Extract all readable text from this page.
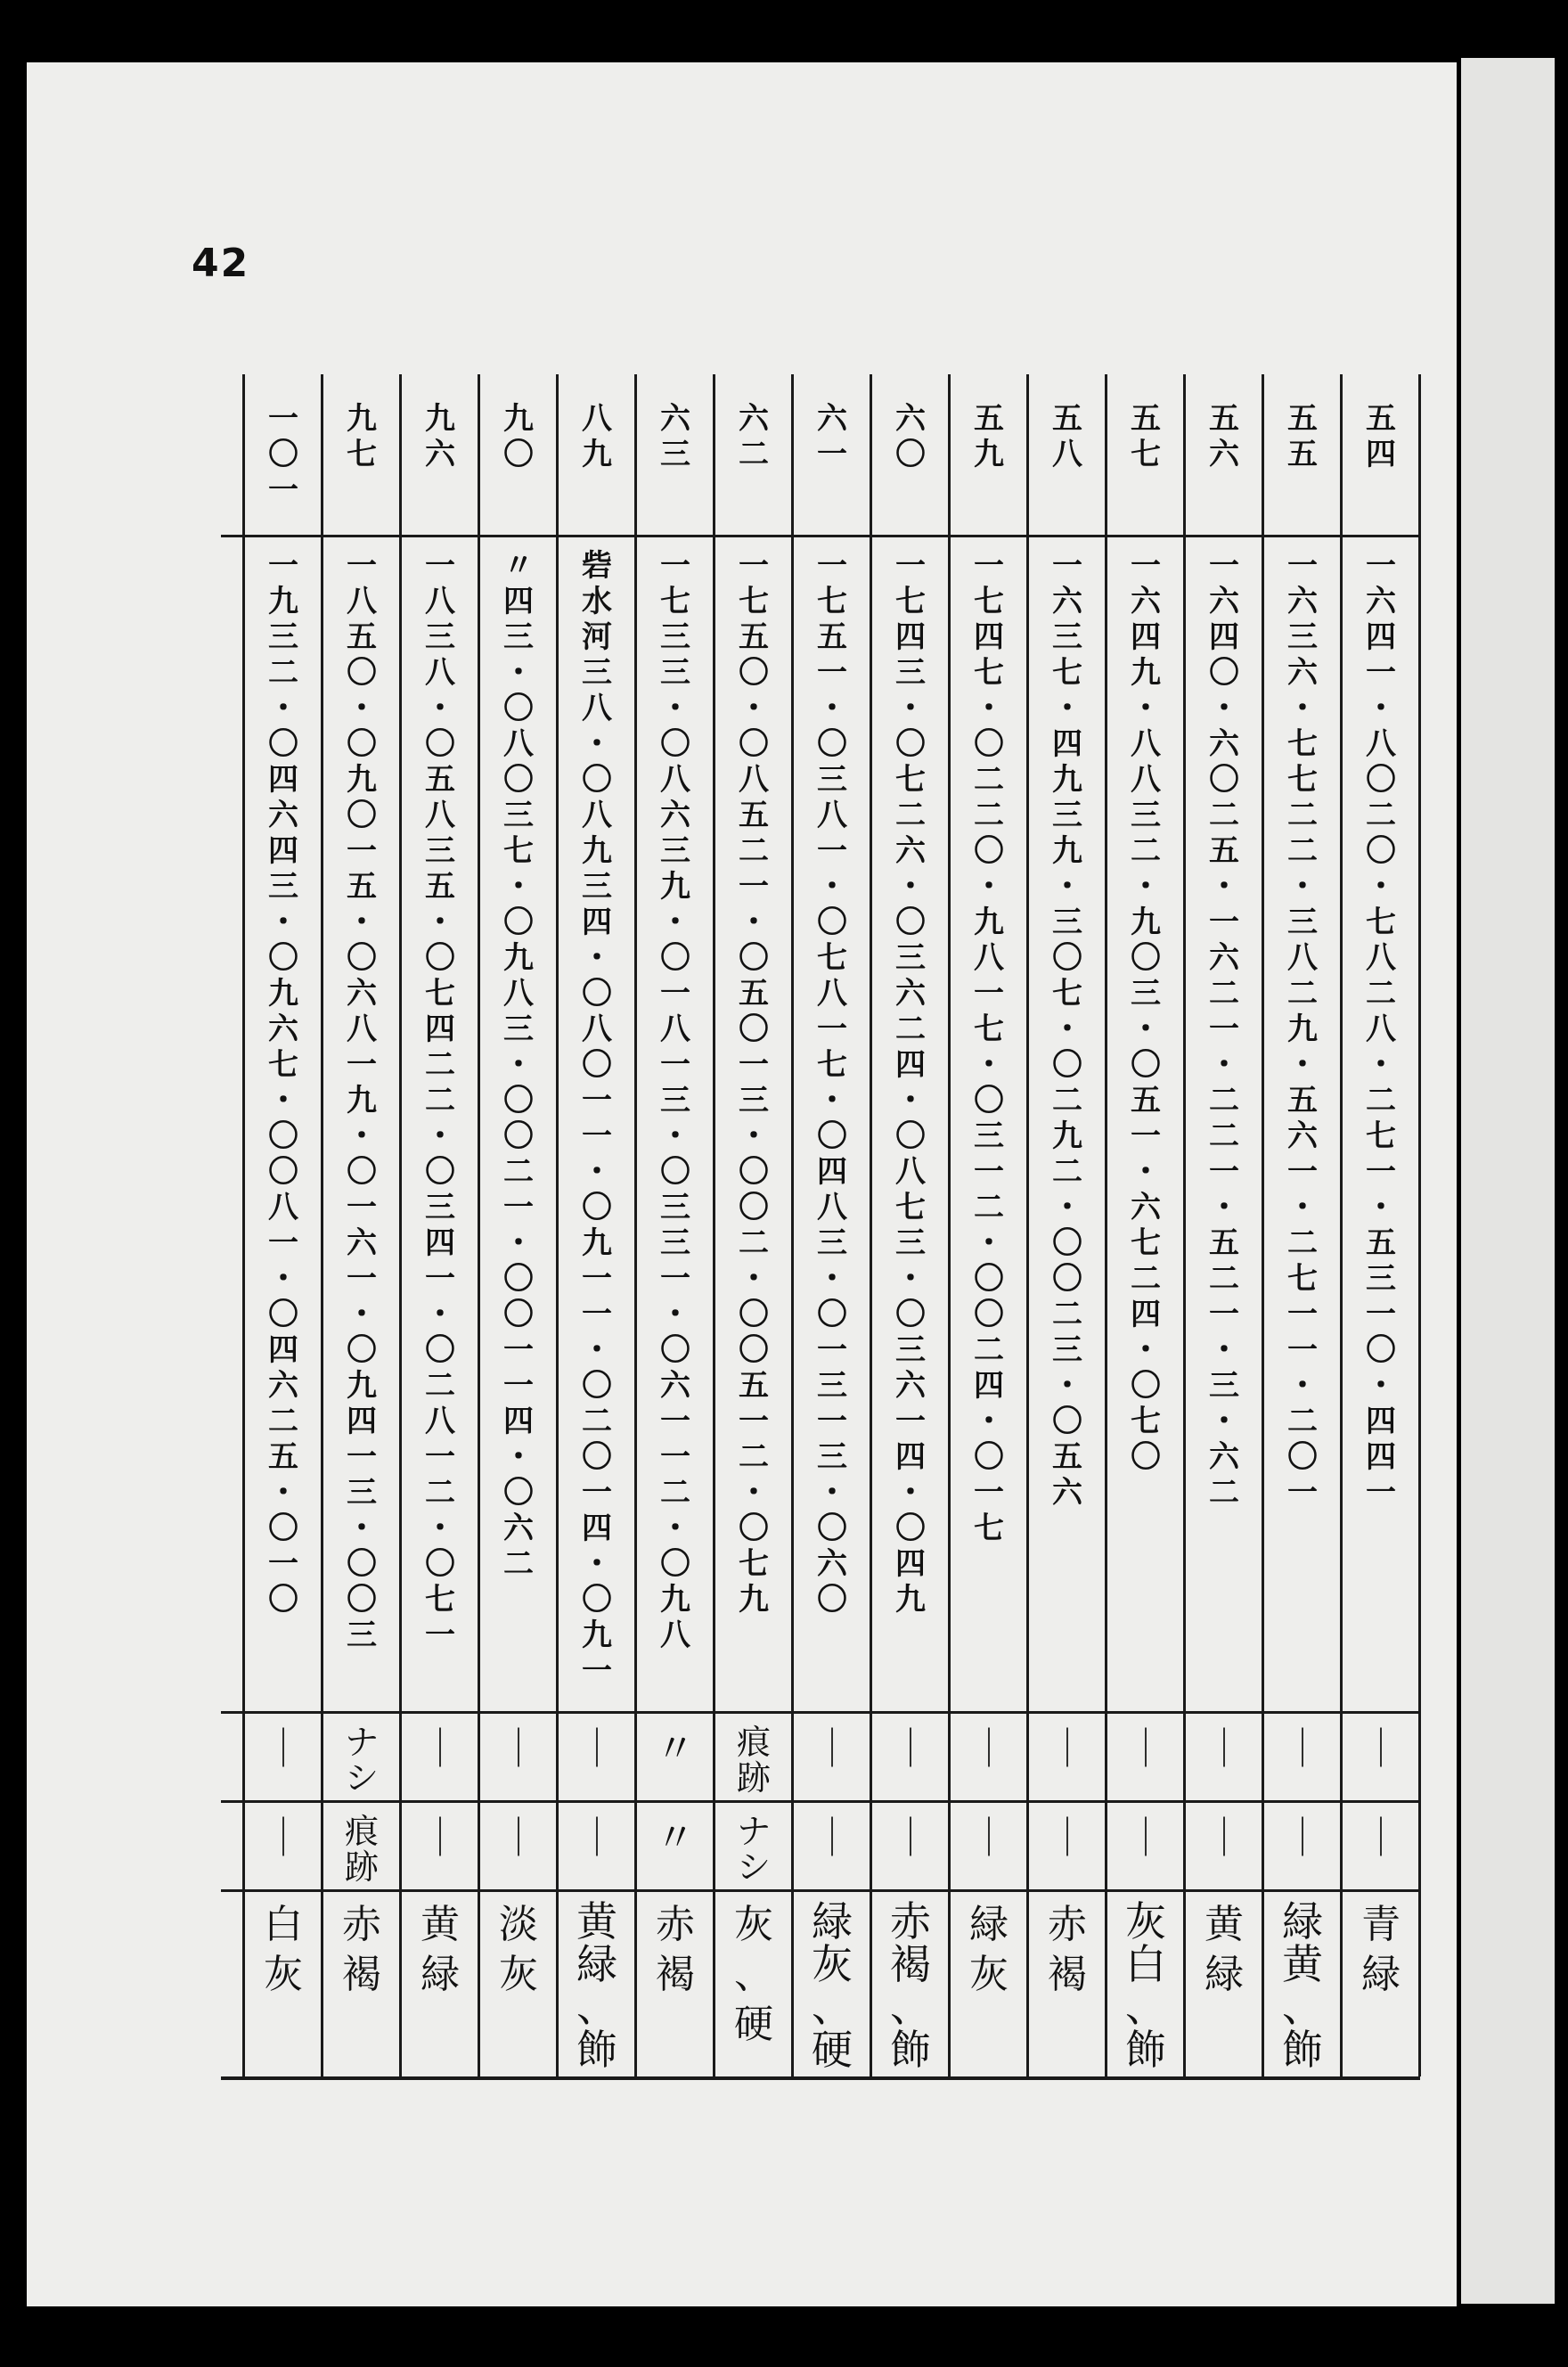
42
五
四
一
六
四
一
・
八
〇
二
〇
・
七
八
二
八
・
二
七
一
・
五
三
一
〇
・
四
四
一
｜
｜
青
緑
五
五
一
六
三
六
・
七
七
二
二
・
三
八
二
九
・
五
六
一
・
二
七
一
一
・
二
〇
一
｜
｜
緑
黄
、
飾
五
六
一
六
四
〇
・
六
〇
二
五
・
一
六
二
一
・
二
二
一
・
五
二
一
・
三
・
六
二
｜
｜
黄
緑
五
七
一
六
四
九
・
八
八
三
二
・
九
〇
三
・
〇
五
一
・
六
七
二
四
・
〇
七
〇
｜
｜
灰
白
、
飾
五
八
一
六
三
七
・
四
九
三
九
・
三
〇
七
・
〇
二
九
二
・
〇
〇
二
三
・
〇
五
六
｜
｜
赤
褐
五
九
一
七
四
七
・
〇
二
二
〇
・
九
八
一
七
・
〇
三
一
二
・
〇
〇
二
四
・
〇
一
七
｜
｜
緑
灰
六
〇
一
七
四
三
・
〇
七
二
六
・
〇
三
六
二
四
・
〇
八
七
三
・
〇
三
六
一
四
・
〇
四
九
｜
｜
赤
褐
、
飾
六
一
一
七
五
一
・
〇
三
八
一
・
〇
七
八
一
七
・
〇
四
八
三
・
〇
一
三
一
三
・
〇
六
〇
｜
｜
緑
灰
、
硬
六
二
一
七
五
〇
・
〇
八
五
二
一
・
〇
五
〇
一
三
・
〇
〇
二
・
〇
〇
五
一
二
・
〇
七
九
痕
跡
ナ
シ
灰
、
硬
六
三
一
七
三
三
・
〇
八
六
三
九
・
〇
一
八
一
三
・
〇
三
三
一
・
〇
六
一
一
二
・
〇
九
八
〃
〃
赤
褐
八
九
砦
水
河
三
八
・
〇
八
九
三
四
・
〇
八
〇
一
一
・
〇
九
一
一
・
〇
二
〇
一
四
・
〇
九
一
｜
｜
黄
緑
、
飾
九
〇
〃
四
三
・
〇
八
〇
三
七
・
〇
九
八
三
・
〇
〇
二
一
・
〇
〇
一
一
四
・
〇
六
二
｜
｜
淡
灰
九
六
一
八
三
八
・
〇
五
八
三
五
・
〇
七
四
二
二
・
〇
三
四
一
・
〇
二
八
一
二
・
〇
七
一
｜
｜
黄
緑
九
七
一
八
五
〇
・
〇
九
〇
一
五
・
〇
六
八
一
九
・
〇
一
六
一
・
〇
九
四
一
三
・
〇
〇
三
ナ
シ
痕
跡
赤
褐
一
〇
一
一
九
三
二
・
〇
四
六
四
三
・
〇
九
六
七
・
〇
〇
八
一
・
〇
四
六
二
五
・
〇
一
〇
｜
｜
白
灰
